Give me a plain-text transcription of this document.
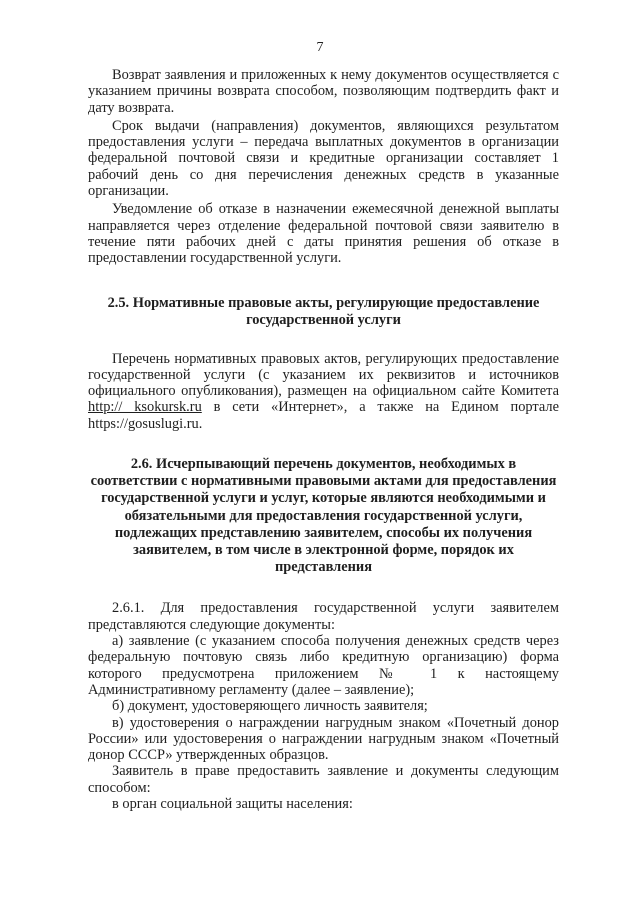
7

Возврат заявления и приложенных к нему документов осуществляется с указанием причины возврата способом, позволяющим подтвердить факт и дату возврата.

Срок выдачи (направления) документов, являющихся результатом предоставления услуги – передача выплатных документов в организации федеральной почтовой связи и кредитные организации составляет 1 рабочий день со дня перечисления денежных средств в указанные организации.

Уведомление об отказе в назначении ежемесячной денежной выплаты направляется через отделение федеральной почтовой связи заявителю в течение пяти рабочих дней с даты принятия решения об отказе в предоставлении государственной услуги.

2.5. Нормативные правовые акты, регулирующие предоставление государственной услуги

Перечень нормативных правовых актов, регулирующих предоставление государственной услуги (с указанием их реквизитов и источников официального опубликования), размещен на официальном сайте Комитета http:// ksokursk.ru в сети «Интернет», а также на Едином портале https://gosuslugi.ru.

2.6. Исчерпывающий перечень документов, необходимых в соответствии с нормативными правовыми актами для предоставления государственной услуги и услуг, которые являются необходимыми и обязательными для предоставления государственной услуги, подлежащих представлению заявителем, способы их получения заявителем, в том числе в электронной форме, порядок их представления

2.6.1. Для предоставления государственной услуги заявителем представляются следующие документы:

а) заявление (с указанием способа получения денежных средств через федеральную почтовую связь либо кредитную организацию) форма которого предусмотрена приложением № 1 к настоящему Административному регламенту (далее – заявление);

б) документ, удостоверяющего личность заявителя;

в) удостоверения о награждении нагрудным знаком «Почетный донор России» или удостоверения о награждении нагрудным знаком «Почетный донор СССР» утвержденных образцов.

Заявитель в праве предоставить заявление и документы следующим способом:

в орган социальной защиты населения:
